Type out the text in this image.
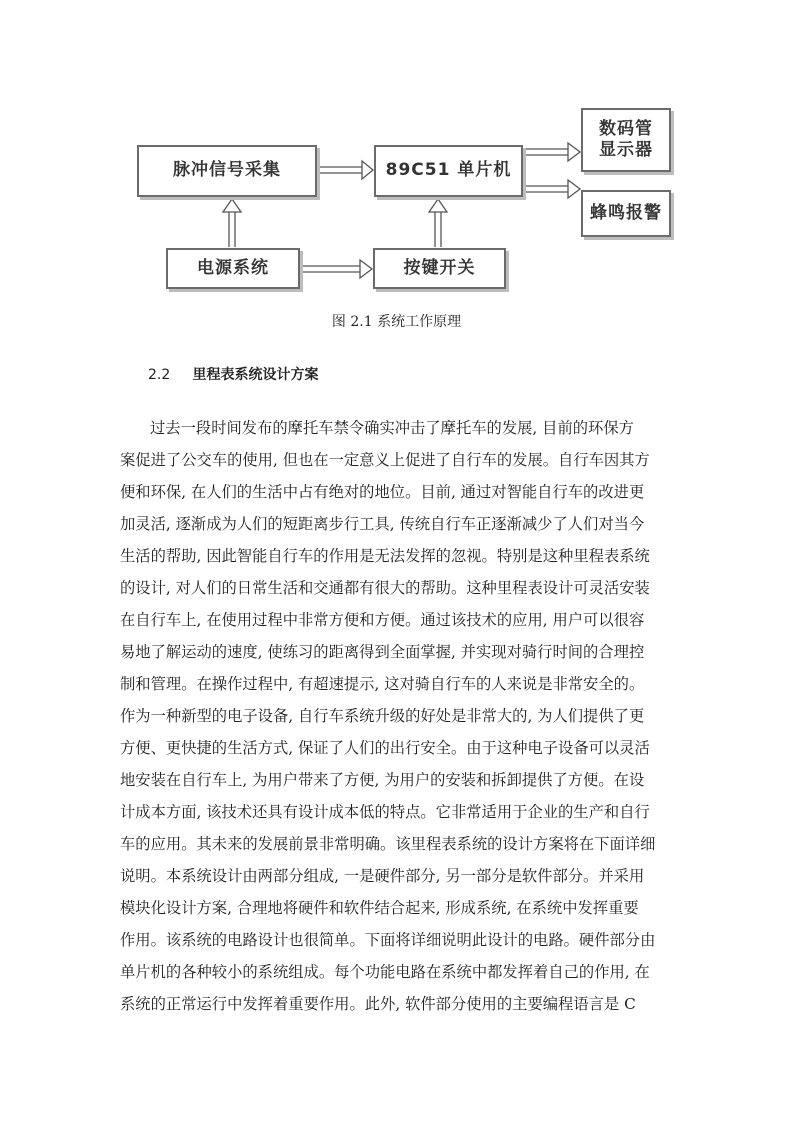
脉冲信号采集	89C51 单片机
数码管
显示器
蜂鸣报警
电源系统	按键开关
图 2.1 系统工作原理
2.2 里程表系统设计方案
过去一段时间发布的摩托车禁令确实冲击了摩托车的发展, 目前的环保方
案促进了公交车的使用, 但也在一定意义上促进了自行车的发展。自行车因其方
便和环保, 在人们的生活中占有绝对的地位。目前, 通过对智能自行车的改进更
加灵活, 逐渐成为人们的短距离步行工具, 传统自行车正逐渐减少了人们对当今
生活的帮助, 因此智能自行车的作用是无法发挥的忽视。特别是这种里程表系统
的设计, 对人们的日常生活和交通都有很大的帮助。这种里程表设计可灵活安装
在自行车上, 在使用过程中非常方便和方便。通过该技术的应用, 用户可以很容
易地了解运动的速度, 使练习的距离得到全面掌握, 并实现对骑行时间的合理控
制和管理。在操作过程中, 有超速提示, 这对骑自行车的人来说是非常安全的。
作为一种新型的电子设备, 自行车系统升级的好处是非常大的, 为人们提供了更
方便、更快捷的生活方式, 保证了人们的出行安全。由于这种电子设备可以灵活
地安装在自行车上, 为用户带来了方便, 为用户的安装和拆卸提供了方便。在设
计成本方面, 该技术还具有设计成本低的特点。它非常适用于企业的生产和自行
车的应用。其未来的发展前景非常明确。该里程表系统的设计方案将在下面详细
说明。本系统设计由两部分组成, 一是硬件部分, 另一部分是软件部分。并采用
模块化设计方案, 合理地将硬件和软件结合起来, 形成系统, 在系统中发挥重要
作用。该系统的电路设计也很简单。下面将详细说明此设计的电路。硬件部分由
单片机的各种较小的系统组成。每个功能电路在系统中都发挥着自己的作用, 在
系统的正常运行中发挥着重要作用。此外, 软件部分使用的主要编程语言是 C
